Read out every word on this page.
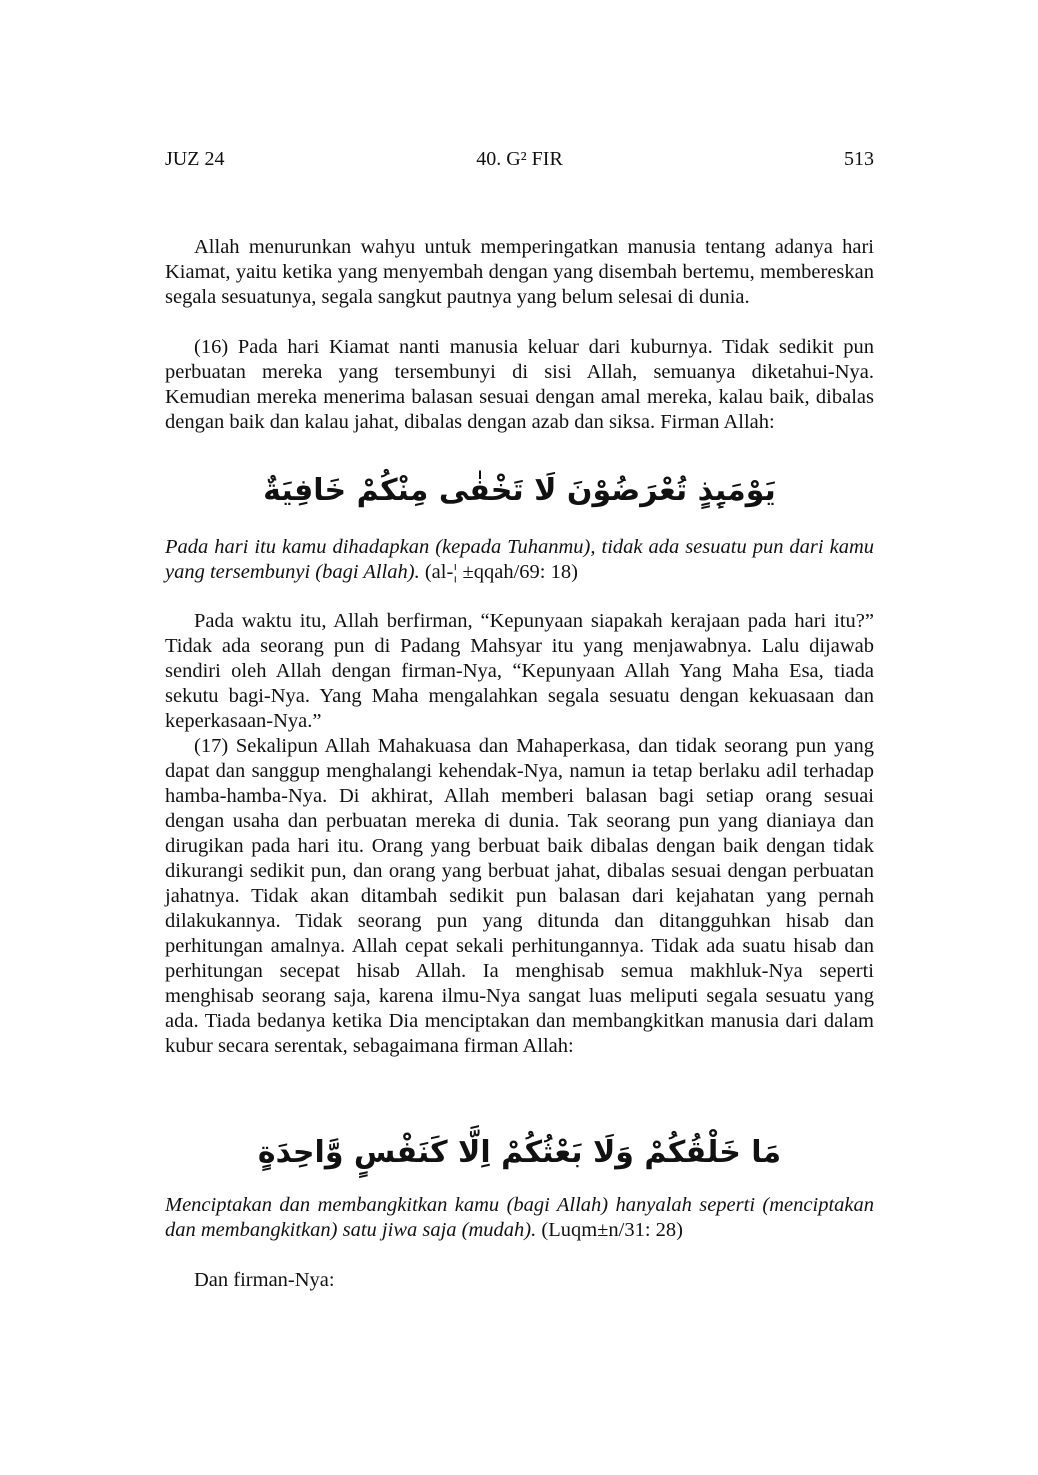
JUZ 24	40. G² FIR	513

Allah menurunkan wahyu untuk memperingatkan manusia tentang adanya hari Kiamat, yaitu ketika yang menyembah dengan yang disembah bertemu, membereskan segala sesuatunya, segala sangkut pautnya yang belum selesai di dunia.

(16) Pada hari Kiamat nanti manusia keluar dari kuburnya. Tidak sedikit pun perbuatan mereka yang tersembunyi di sisi Allah, semuanya diketahui-Nya. Kemudian mereka menerima balasan sesuai dengan amal mereka, kalau baik, dibalas dengan baik dan kalau jahat, dibalas dengan azab dan siksa. Firman Allah:

يَوْمَىِٕذٍ تُعْرَضُوْنَ لَا تَخْفٰى مِنْكُمْ خَافِيَةٌ

Pada hari itu kamu dihadapkan (kepada Tuhanmu), tidak ada sesuatu pun dari kamu yang tersembunyi (bagi Allah). (al-¦ ±qqah/69: 18)

Pada waktu itu, Allah berfirman, “Kepunyaan siapakah kerajaan pada hari itu?” Tidak ada seorang pun di Padang Mahsyar itu yang menjawabnya. Lalu dijawab sendiri oleh Allah dengan firman-Nya, “Kepunyaan Allah Yang Maha Esa, tiada sekutu bagi-Nya. Yang Maha mengalahkan segala sesuatu dengan kekuasaan dan keperkasaan-Nya.”

(17) Sekalipun Allah Mahakuasa dan Mahaperkasa, dan tidak seorang pun yang dapat dan sanggup menghalangi kehendak-Nya, namun ia tetap berlaku adil terhadap hamba-hamba-Nya. Di akhirat, Allah memberi balasan bagi setiap orang sesuai dengan usaha dan perbuatan mereka di dunia. Tak seorang pun yang dianiaya dan dirugikan pada hari itu. Orang yang berbuat baik dibalas dengan baik dengan tidak dikurangi sedikit pun, dan orang yang berbuat jahat, dibalas sesuai dengan perbuatan jahatnya. Tidak akan ditambah sedikit pun balasan dari kejahatan yang pernah dilakukannya. Tidak seorang pun yang ditunda dan ditangguhkan hisab dan perhitungan amalnya. Allah cepat sekali perhitungannya. Tidak ada suatu hisab dan perhitungan secepat hisab Allah. Ia menghisab semua makhluk-Nya seperti menghisab seorang saja, karena ilmu-Nya sangat luas meliputi segala sesuatu yang ada. Tiada bedanya ketika Dia menciptakan dan membangkitkan manusia dari dalam kubur secara serentak, sebagaimana firman Allah:

مَا خَلْقُكُمْ وَلَا بَعْثُكُمْ اِلَّا كَنَفْسٍ وَّاحِدَةٍ

Menciptakan dan membangkitkan kamu (bagi Allah) hanyalah seperti (menciptakan dan membangkitkan) satu jiwa saja (mudah). (Luqm±n/31: 28)

Dan firman-Nya:
